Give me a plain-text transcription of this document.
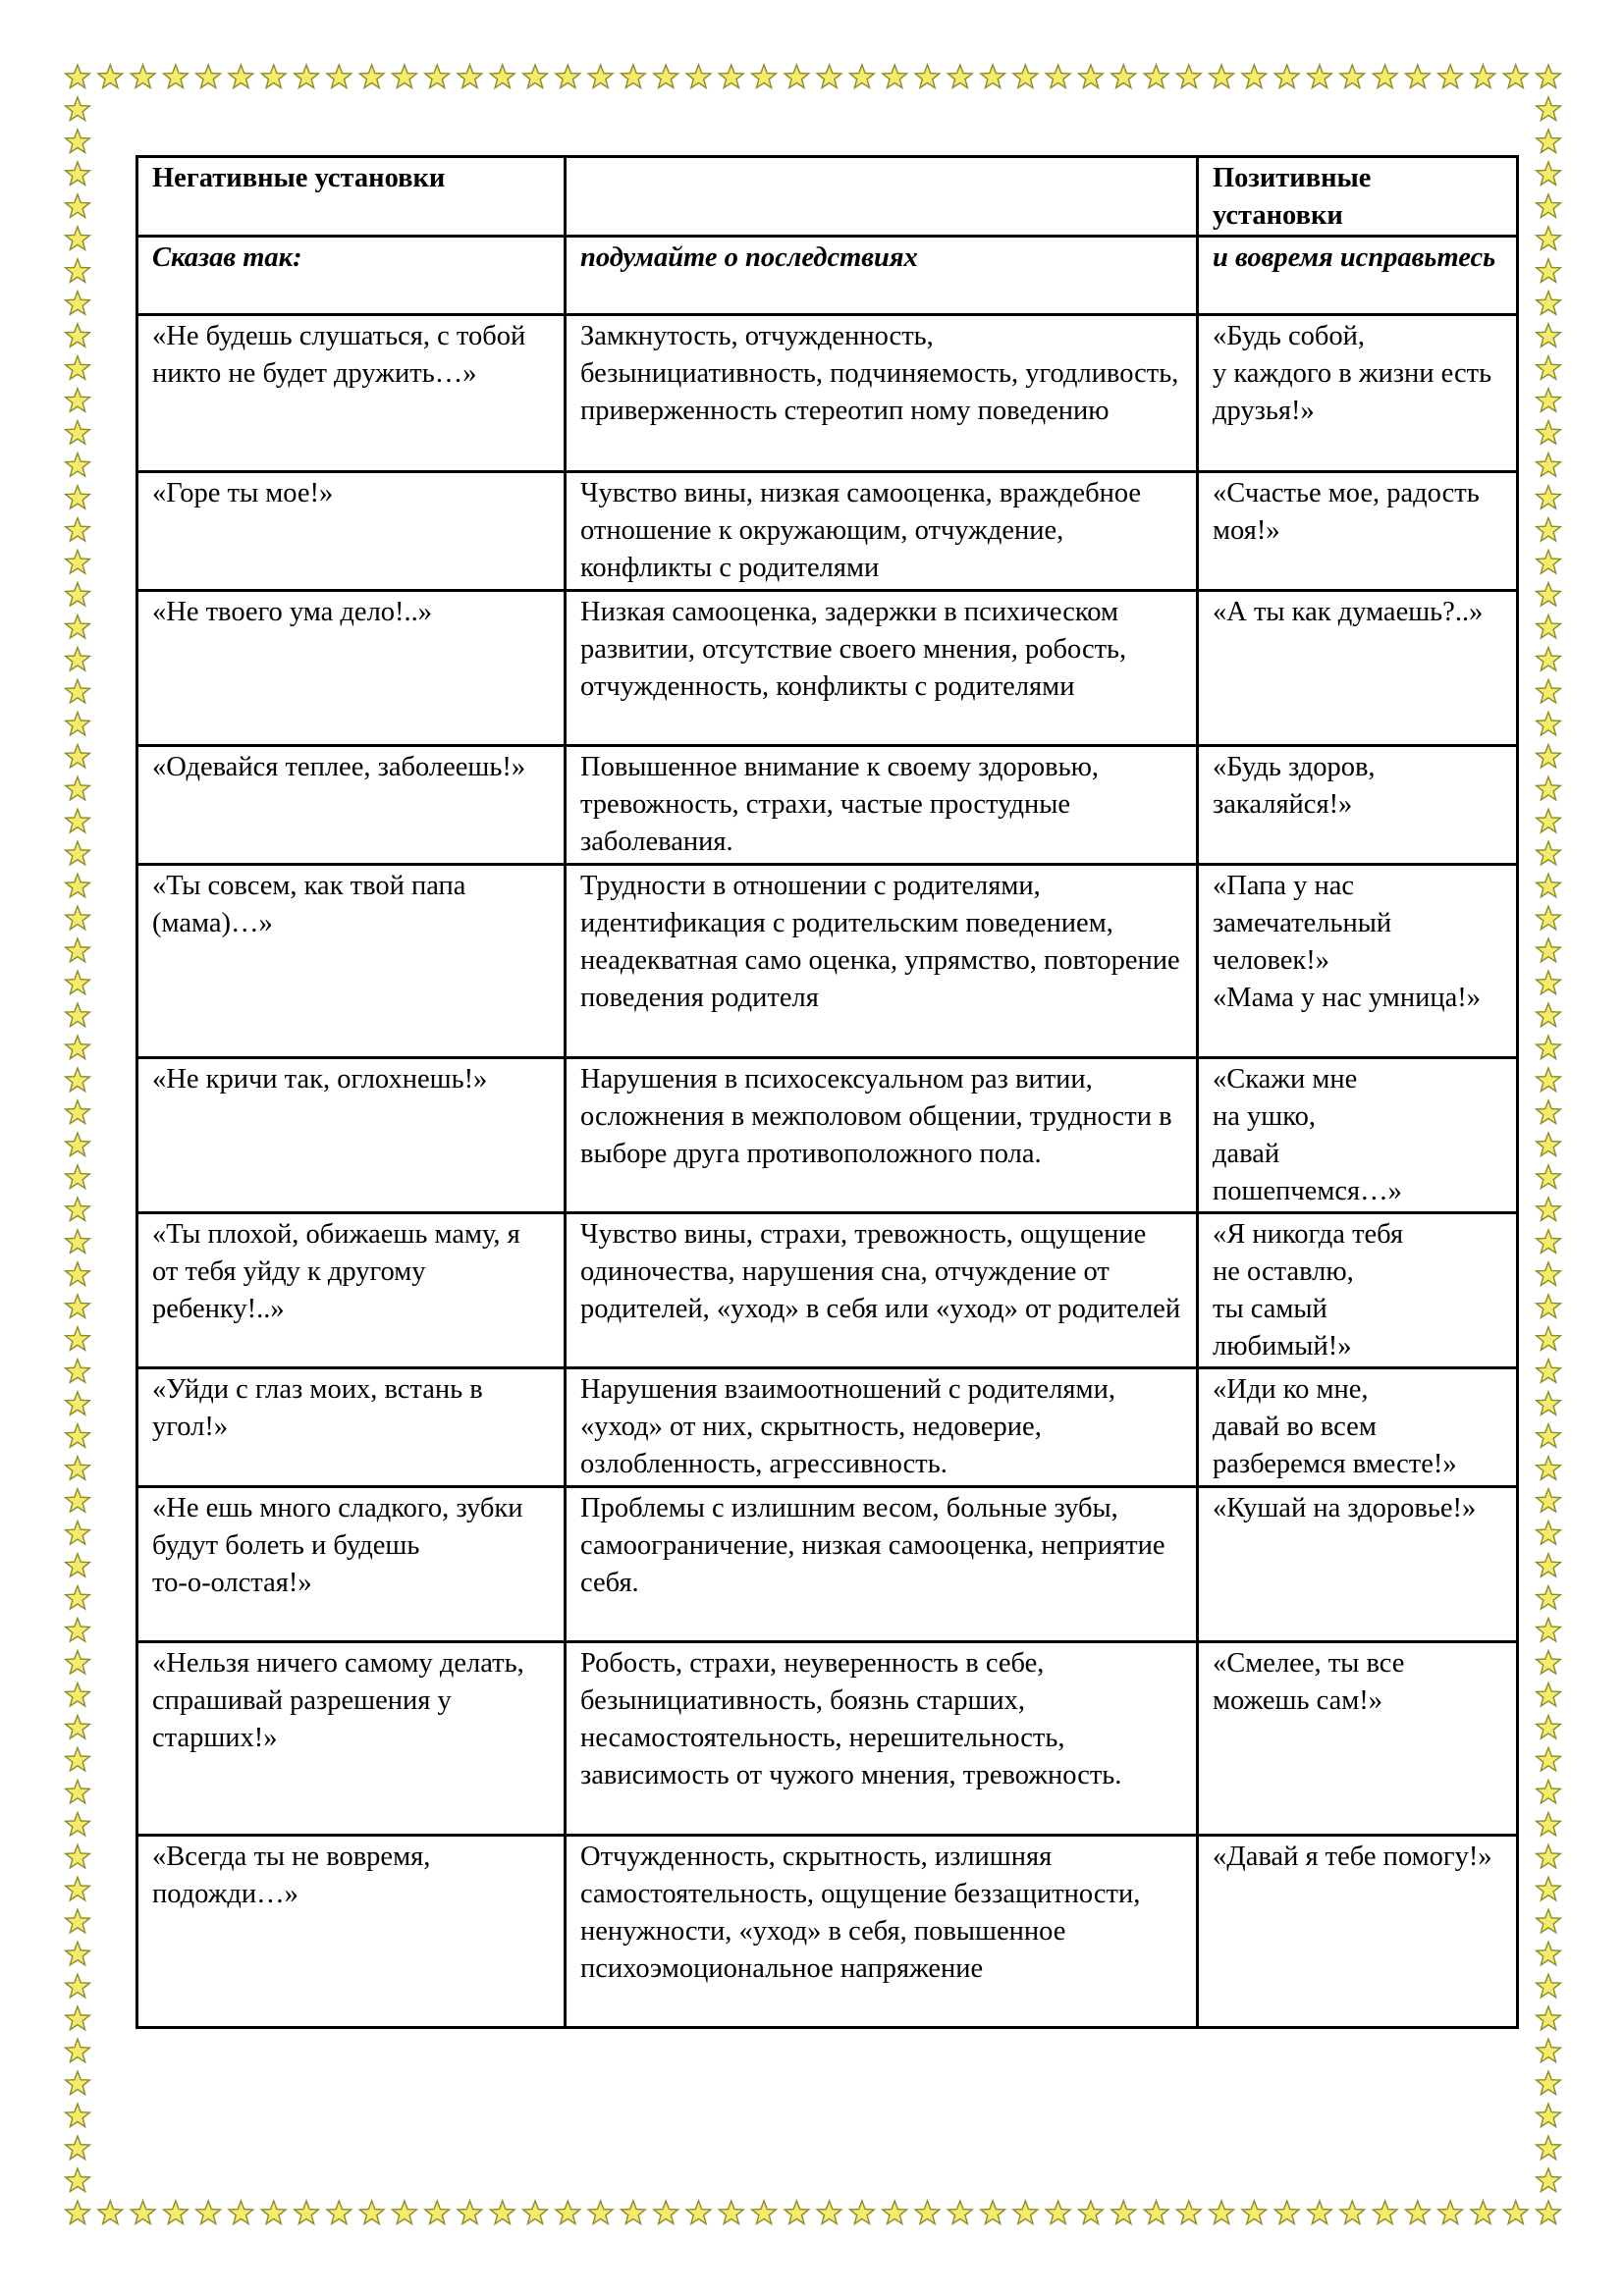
Негативные установки		Позитивные установки

Сказав так:	подумайте о последствиях	и вовремя исправьтесь

«Не будешь слушаться, с тобой никто не будет дружить…»	Замкнутость, отчужденность, безынициативность, подчиняемость, угодливость, приверженность стереотип ному поведению	«Будь собой,
у каждого в жизни есть друзья!»

«Горе ты мое!»	Чувство вины, низкая самооценка, враждебное отношение к окружающим, отчуждение, конфликты с родителями	«Счастье мое, радость моя!»

«Не твоего ума дело!..»	Низкая самооценка, задержки в психическом развитии, отсутствие своего мнения, робость, отчужденность, конфликты с родителями	«А ты как думаешь?..»

«Одевайся теплее, заболеешь!»	Повышенное внимание к своему здоровью, тревожность, страхи, частые простудные заболевания.	«Будь здоров, закаляйся!»

«Ты совсем, как твой папа (мама)…»	Трудности в отношении с родителями, идентификация с родительским поведением, неадекватная само оценка, упрямство, повторение поведения родителя	«Папа у нас замечательный человек!»
«Мама у нас умница!»

«Не кричи так, оглохнешь!»	Нарушения в психосексуальном раз витии, осложнения в межполовом общении, трудности в выборе друга противоположного пола.	«Скажи мне
на ушко,
давай
пошепчемся…»

«Ты плохой, обижаешь маму, я от тебя уйду к другому ребенку!..»	Чувство вины, страхи, тревожность, ощущение одиночества, нарушения сна, отчуждение от родителей, «уход» в себя или «уход» от родителей	«Я никогда тебя
не оставлю,
ты самый
любимый!»

«Уйди с глаз моих, встань в угол!»	Нарушения взаимоотношений с родителями, «уход» от них, скрытность, недоверие, озлобленность, агрессивность.	«Иди ко мне,
давай во всем разберемся вместе!»

«Не ешь много сладкого, зубки будут болеть и будешь
то-о-олстая!»	Проблемы с излишним весом, больные зубы, самоограничение, низкая самооценка, неприятие себя.	«Кушай на здоровье!»

«Нельзя ничего самому делать, спрашивай разрешения у старших!»	Робость, страхи, неуверенность в себе, безынициативность, боязнь старших, несамостоятельность, нерешительность, зависимость от чужого мнения, тревожность.	«Смелее, ты все можешь сам!»

«Всегда ты не вовремя, подожди…»	Отчужденность, скрытность, излишняя самостоятельность, ощущение беззащитности, ненужности, «уход» в себя, повышенное психоэмоциональное напряжение	«Давай я тебе помогу!»
